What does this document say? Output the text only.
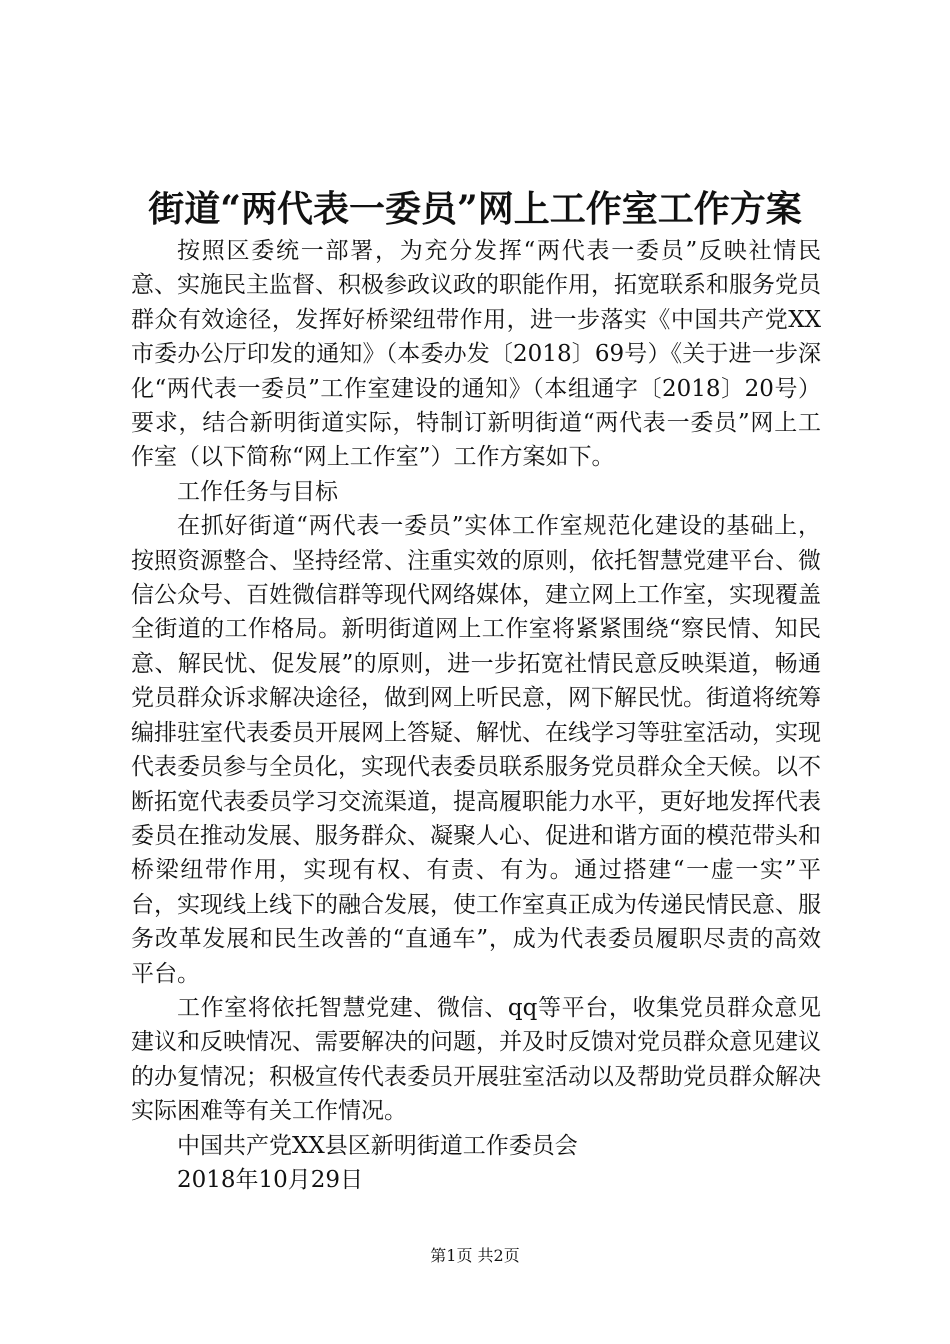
街道“两代表一委员”网上工作室工作方案

按照区委统一部署，为充分发挥“两代表一委员”反映社情民意、实施民主监督、积极参政议政的职能作用，拓宽联系和服务党员群众有效途径，发挥好桥梁纽带作用，进一步落实《中国共产党XX市委办公厅印发的通知》（本委办发〔2018〕69号）《关于进一步深化“两代表一委员”工作室建设的通知》（本组通字〔2018〕20号）要求，结合新明街道实际，特制订新明街道“两代表一委员”网上工作室（以下简称“网上工作室”）工作方案如下。

工作任务与目标

在抓好街道“两代表一委员”实体工作室规范化建设的基础上，按照资源整合、坚持经常、注重实效的原则，依托智慧党建平台、微信公众号、百姓微信群等现代网络媒体，建立网上工作室，实现覆盖全街道的工作格局。新明街道网上工作室将紧紧围绕“察民情、知民意、解民忧、促发展”的原则，进一步拓宽社情民意反映渠道，畅通党员群众诉求解决途径，做到网上听民意，网下解民忧。街道将统筹编排驻室代表委员开展网上答疑、解忧、在线学习等驻室活动，实现代表委员参与全员化，实现代表委员联系服务党员群众全天候。以不断拓宽代表委员学习交流渠道，提高履职能力水平，更好地发挥代表委员在推动发展、服务群众、凝聚人心、促进和谐方面的模范带头和桥梁纽带作用，实现有权、有责、有为。通过搭建“一虚一实”平台，实现线上线下的融合发展，使工作室真正成为传递民情民意、服务改革发展和民生改善的“直通车”，成为代表委员履职尽责的高效平台。

工作室将依托智慧党建、微信、qq等平台，收集党员群众意见建议和反映情况、需要解决的问题，并及时反馈对党员群众意见建议的办复情况；积极宣传代表委员开展驻室活动以及帮助党员群众解决实际困难等有关工作情况。

中国共产党XX县区新明街道工作委员会

2018年10月29日

第1页 共2页
